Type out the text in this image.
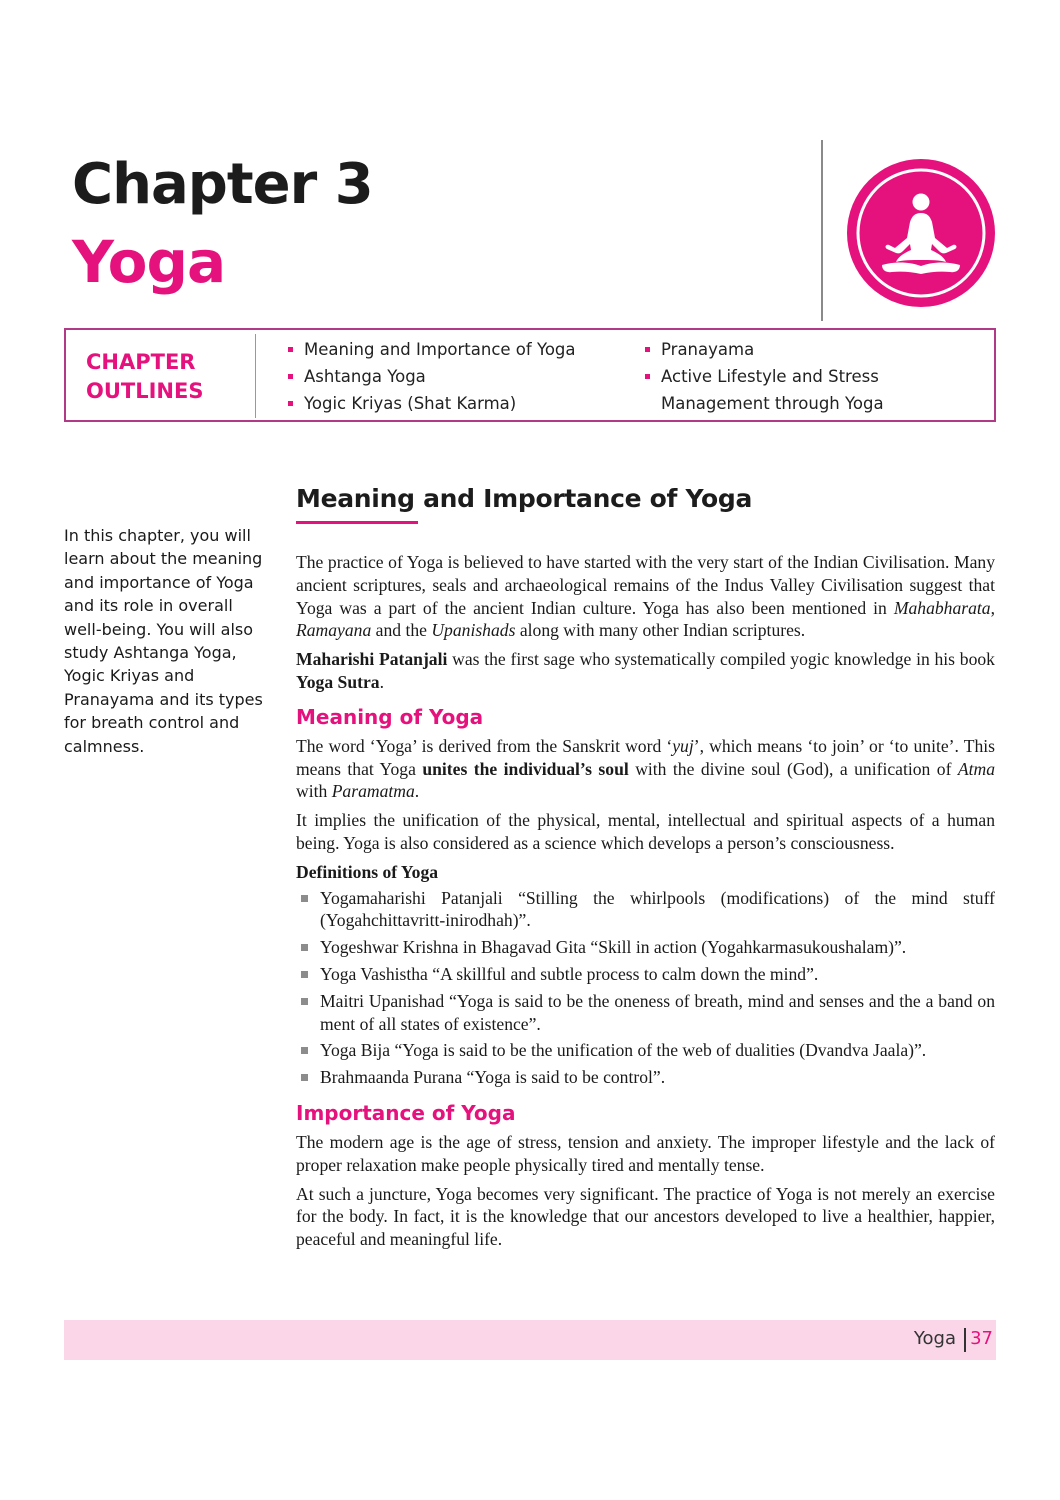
Chapter 3
Yoga
CHAPTER
OUTLINES
Meaning and Importance of Yoga
Ashtanga Yoga
Yogic Kriyas (Shat Karma)
Pranayama
Active Lifestyle and Stress
Management through Yoga
In this chapter, you will learn about the meaning and importance of Yoga and its role in overall well-being. You will also study Ashtanga Yoga, Yogic Kriyas and Pranayama and its types for breath control and calmness.
Meaning and Importance of Yoga

The practice of Yoga is believed to have started with the very start of the Indian Civilisation. Many ancient scriptures, seals and archaeological remains of the Indus Valley Civilisation suggest that Yoga was a part of the ancient Indian culture. Yoga has also been mentioned in Mahabharata, Ramayana and the Upanishads along with many other Indian scriptures.

Maharishi Patanjali was the first sage who systematically compiled yogic knowledge in his book Yoga Sutra.

Meaning of Yoga

The word ‘Yoga’ is derived from the Sanskrit word ‘yuj’, which means ‘to join’ or ‘to unite’. This means that Yoga unites the individual’s soul with the divine soul (God), a unification of Atma with Paramatma.

It implies the unification of the physical, mental, intellectual and spiritual aspects of a human being. Yoga is also considered as a science which develops a person’s consciousness.

Definitions of Yoga
Yogamaharishi Patanjali “Stilling the whirlpools (modifications) of the mind stuff (Yogahchittavritt-inirodhah)”.
Yogeshwar Krishna in Bhagavad Gita “Skill in action (Yogahkarmasukoushalam)”.
Yoga Vashistha “A skillful and subtle process to calm down the mind”.
Maitri Upanishad “Yoga is said to be the oneness of breath, mind and senses and the a band on ment of all states of existence”.
Yoga Bija “Yoga is said to be the unification of the web of dualities (Dvandva Jaala)”.
Brahmaanda Purana “Yoga is said to be control”.
Importance of Yoga

The modern age is the age of stress, tension and anxiety. The improper lifestyle and the lack of proper relaxation make people physically tired and mentally tense.

At such a juncture, Yoga becomes very significant. The practice of Yoga is not merely an exercise for the body. In fact, it is the knowledge that our ancestors developed to live a healthier, happier, peaceful and meaningful life.

Yoga 37
